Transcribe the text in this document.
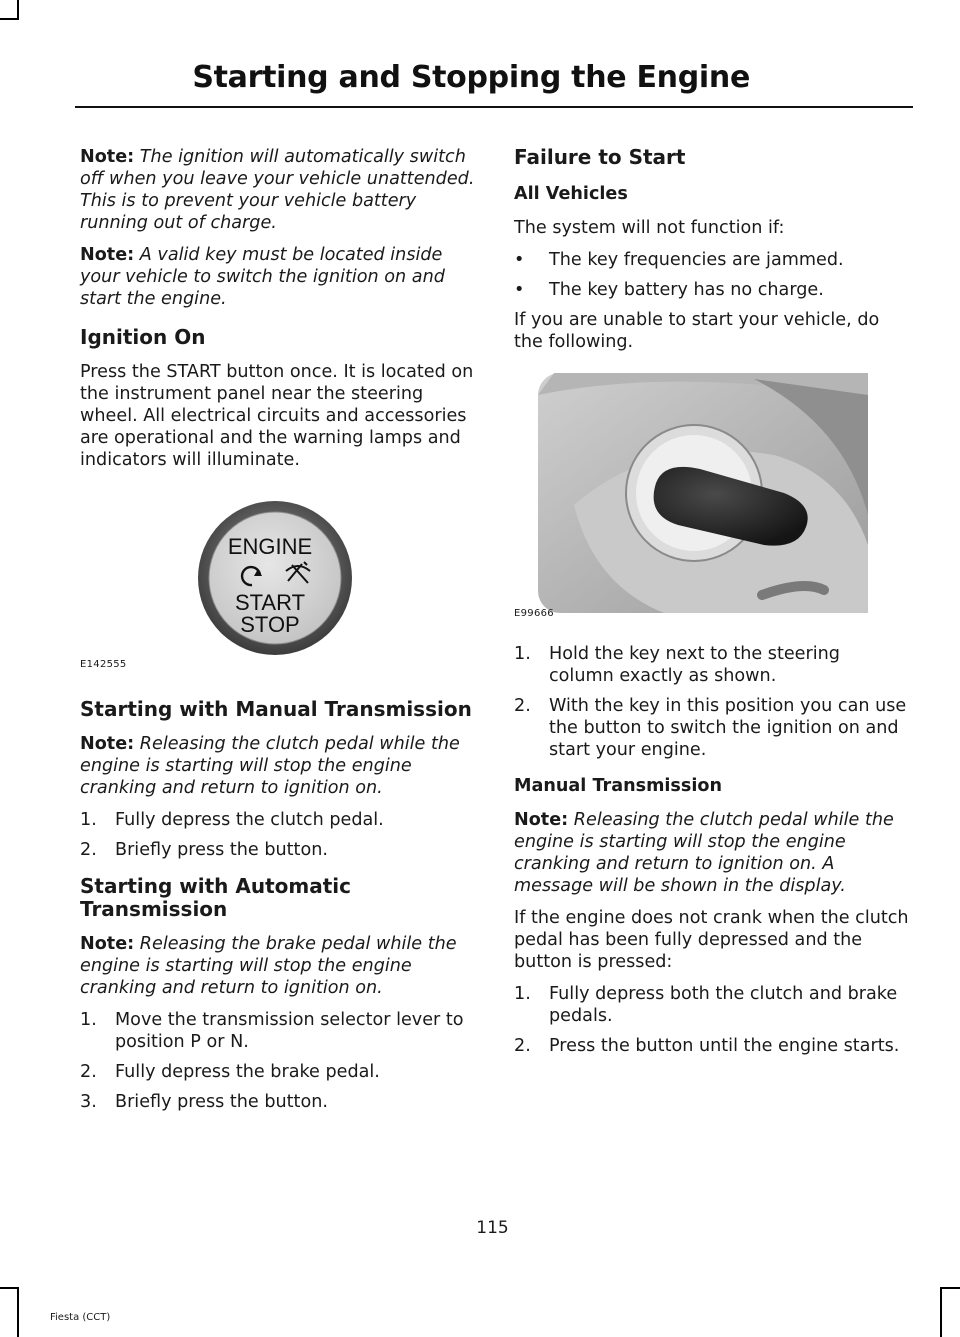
Starting and Stopping the Engine

Note: The ignition will automatically switch off when you leave your vehicle unattended. This is to prevent your vehicle battery running out of charge.

Note: A valid key must be located inside your vehicle to switch the ignition on and start the engine.

Ignition On

Press the START button once. It is located on the instrument panel near the steering wheel. All electrical circuits and accessories are operational and the warning lamps and indicators will illuminate.

ENGINE
START
STOP
E142555
Starting with Manual Transmission

Note: Releasing the clutch pedal while the engine is starting will stop the engine cranking and return to ignition on.

1. Fully depress the clutch pedal.
2. Briefly press the button.
Starting with Automatic Transmission

Note: Releasing the brake pedal while the engine is starting will stop the engine cranking and return to ignition on.

1. Move the transmission selector lever to position P or N.
2. Fully depress the brake pedal.
3. Briefly press the button.
Failure to Start
All Vehicles

The system will not function if:

• The key frequencies are jammed.
• The key battery has no charge.

If you are unable to start your vehicle, do the following.

E99666
1. Hold the key next to the steering column exactly as shown.
2. With the key in this position you can use the button to switch the ignition on and start your engine.
Manual Transmission

Note: Releasing the clutch pedal while the engine is starting will stop the engine cranking and return to ignition on. A message will be shown in the display.

If the engine does not crank when the clutch pedal has been fully depressed and the button is pressed:

1. Fully depress both the clutch and brake pedals.
2. Press the button until the engine starts.
115
Fiesta (CCT)
